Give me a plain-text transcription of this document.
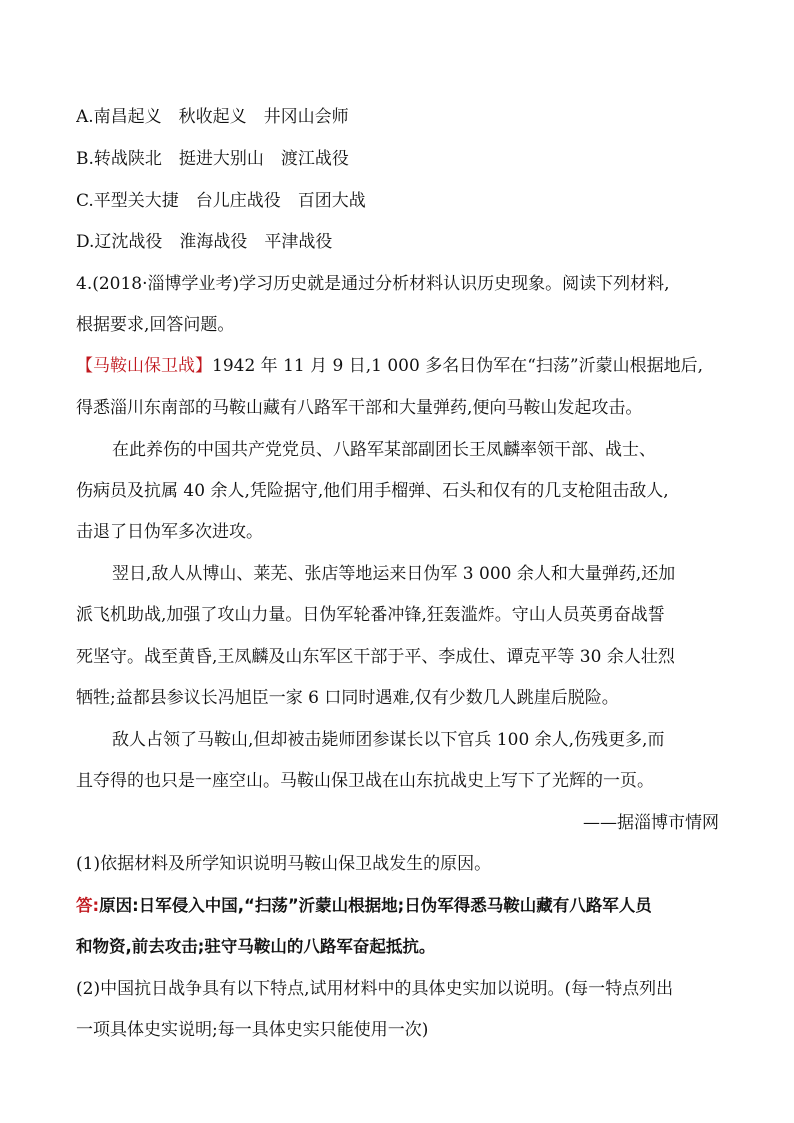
A.南昌起义　秋收起义　井冈山会师
B.转战陕北　挺进大别山　渡江战役
C.平型关大捷　台儿庄战役　百团大战
D.辽沈战役　淮海战役　平津战役
4.(2018·淄博学业考)学习历史就是通过分析材料认识历史现象。阅读下列材料,
根据要求,回答问题。
【马鞍山保卫战】1942 年 11 月 9 日,1 000 多名日伪军在“扫荡”沂蒙山根据地后,
得悉淄川东南部的马鞍山藏有八路军干部和大量弹药,便向马鞍山发起攻击。
在此养伤的中国共产党党员、八路军某部副团长王凤麟率领干部、战士、
伤病员及抗属 40 余人,凭险据守,他们用手榴弹、石头和仅有的几支枪阻击敌人,
击退了日伪军多次进攻。
翌日,敌人从博山、莱芜、张店等地运来日伪军 3 000 余人和大量弹药,还加
派飞机助战,加强了攻山力量。日伪军轮番冲锋,狂轰滥炸。守山人员英勇奋战誓
死坚守。战至黄昏,王凤麟及山东军区干部于平、李成仕、谭克平等 30 余人壮烈
牺牲;益都县参议长冯旭臣一家 6 口同时遇难,仅有少数几人跳崖后脱险。
敌人占领了马鞍山,但却被击毙师团参谋长以下官兵 100 余人,伤残更多,而
且夺得的也只是一座空山。马鞍山保卫战在山东抗战史上写下了光辉的一页。
——据淄博市情网
(1)依据材料及所学知识说明马鞍山保卫战发生的原因。
答:原因:日军侵入中国,“扫荡”沂蒙山根据地;日伪军得悉马鞍山藏有八路军人员
和物资,前去攻击;驻守马鞍山的八路军奋起抵抗。
(2)中国抗日战争具有以下特点,试用材料中的具体史实加以说明。(每一特点列出
一项具体史实说明;每一具体史实只能使用一次)
